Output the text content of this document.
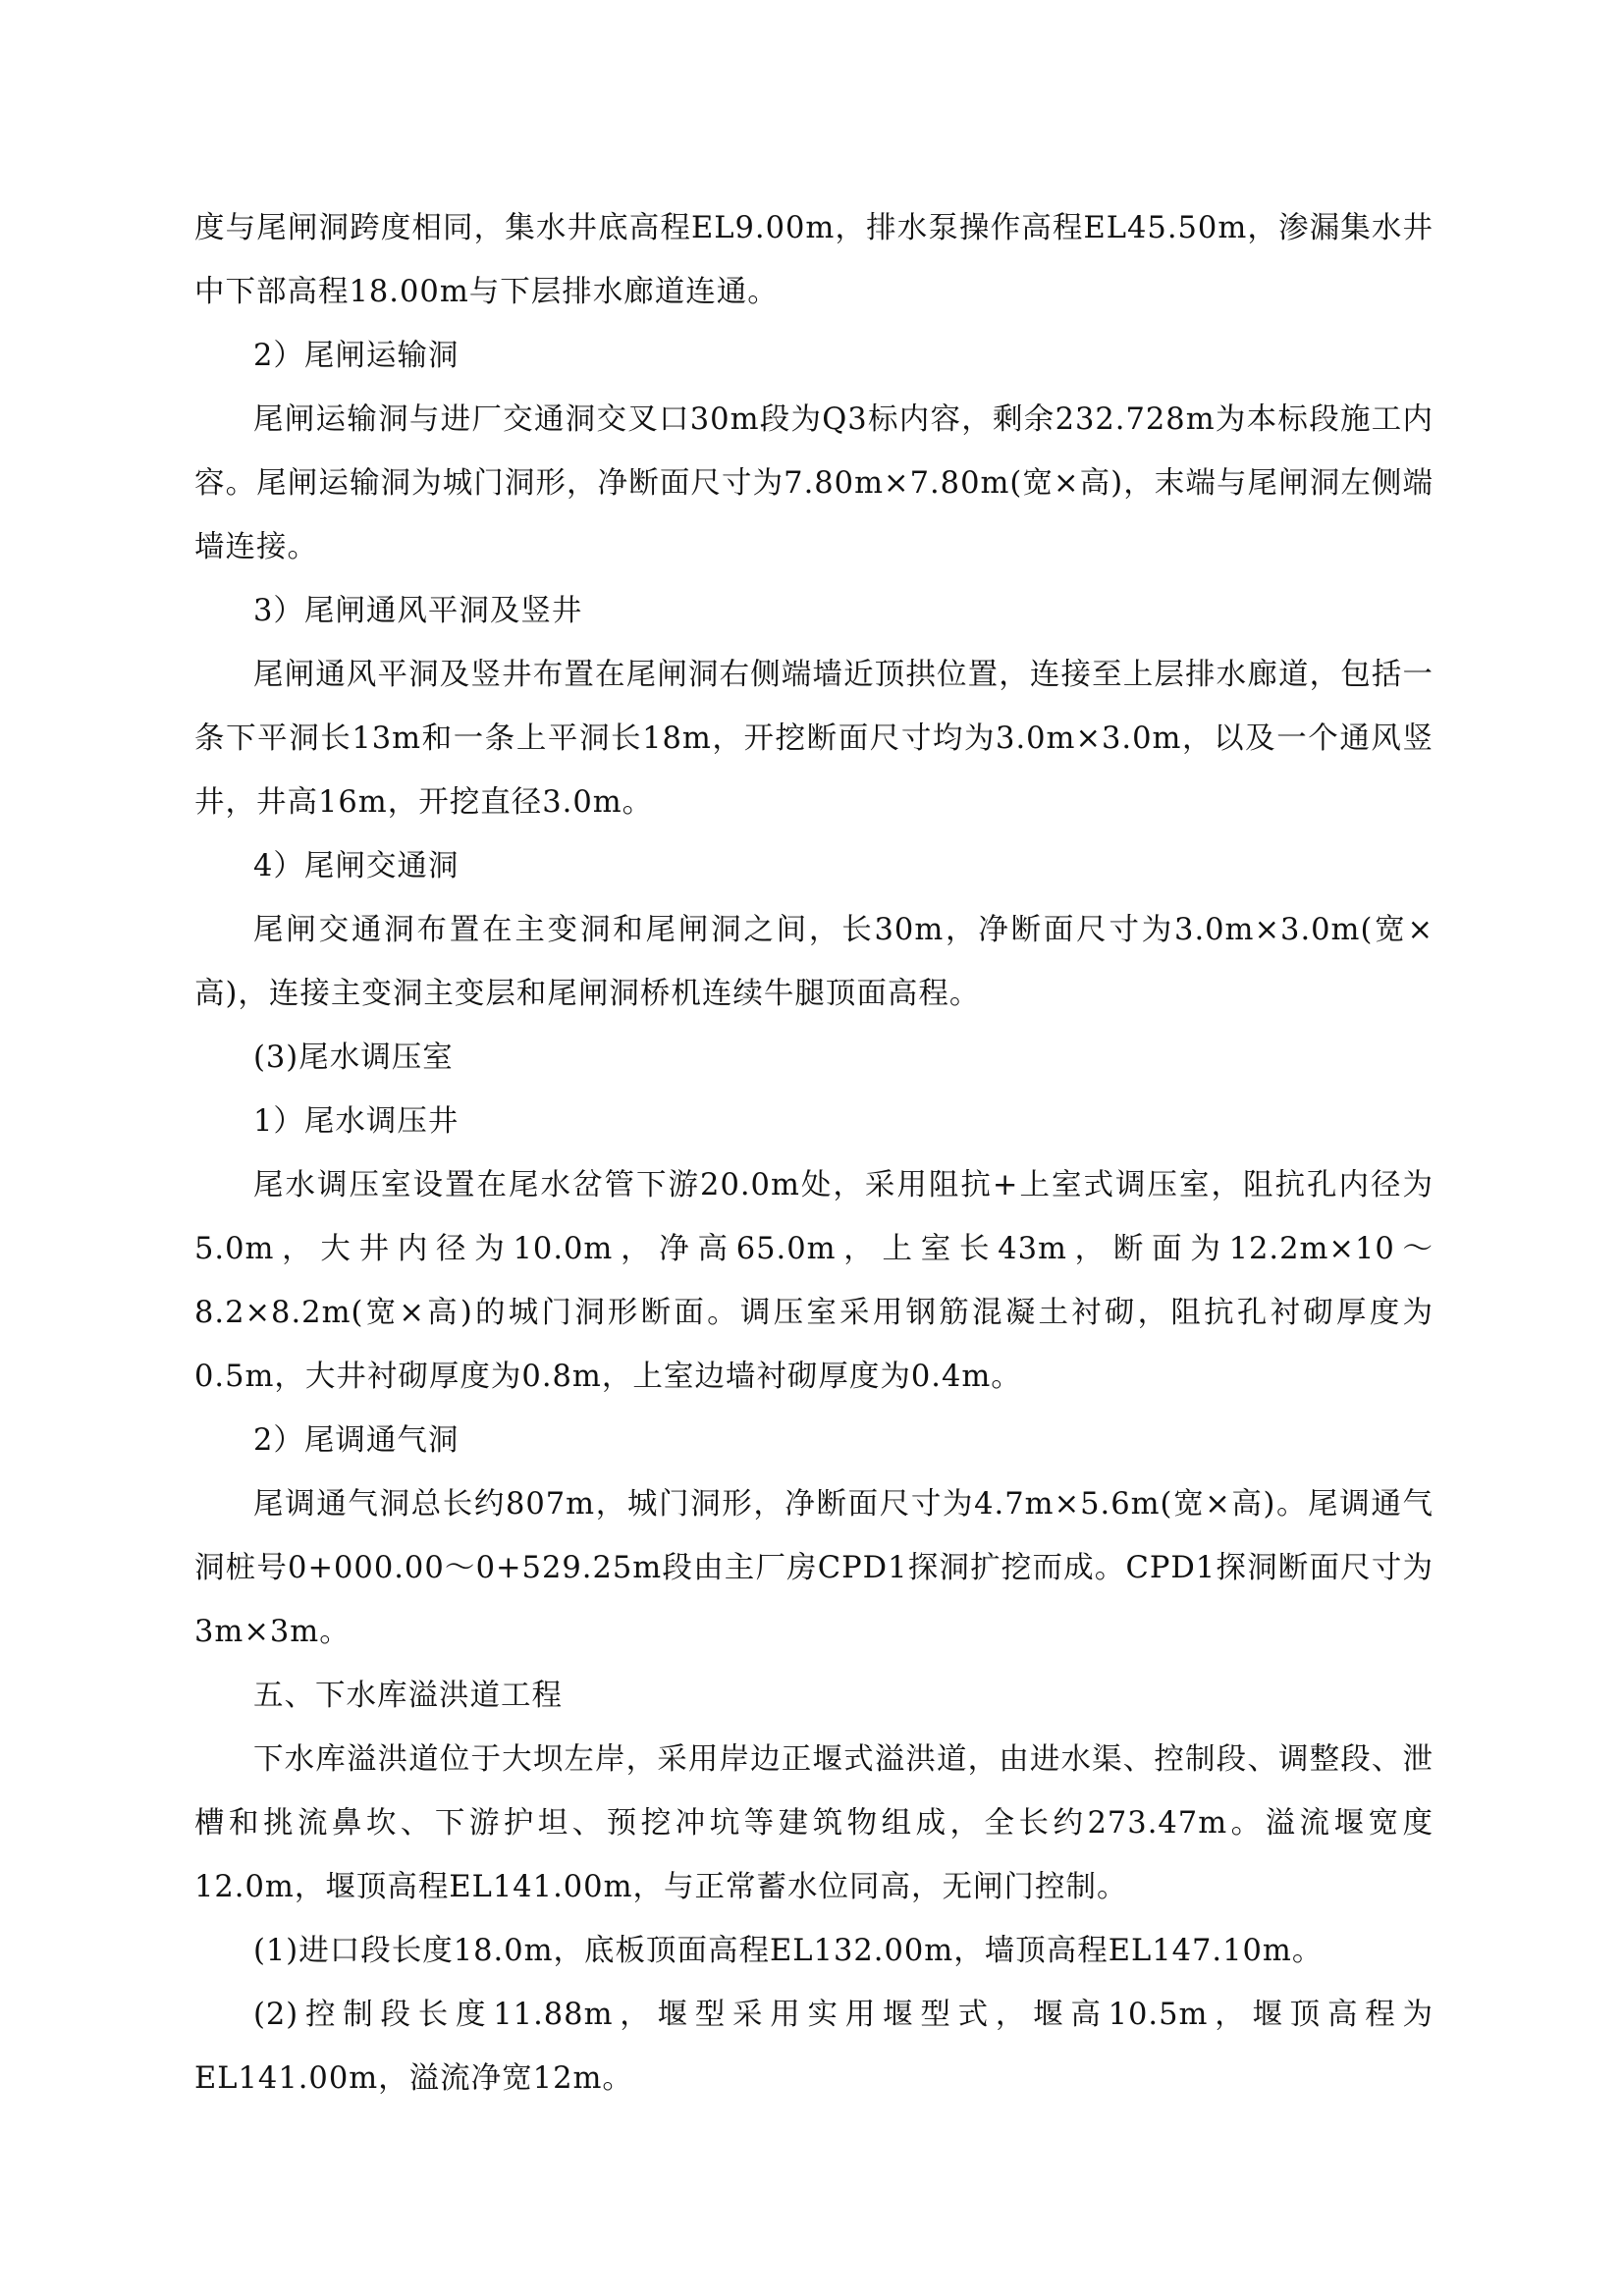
度与尾闸洞跨度相同，集水井底高程EL9.00m，排水泵操作高程EL45.50m，渗漏集水井中下部高程18.00m与下层排水廊道连通。

2）尾闸运输洞

尾闸运输洞与进厂交通洞交叉口30m段为Q3标内容，剩余232.728m为本标段施工内容。尾闸运输洞为城门洞形，净断面尺寸为7.80m×7.80m(宽×高)，末端与尾闸洞左侧端墙连接。

3）尾闸通风平洞及竖井

尾闸通风平洞及竖井布置在尾闸洞右侧端墙近顶拱位置，连接至上层排水廊道，包括一条下平洞长13m和一条上平洞长18m，开挖断面尺寸均为3.0m×3.0m，以及一个通风竖井，井高16m，开挖直径3.0m。

4）尾闸交通洞

尾闸交通洞布置在主变洞和尾闸洞之间，长30m，净断面尺寸为3.0m×3.0m(宽×高)，连接主变洞主变层和尾闸洞桥机连续牛腿顶面高程。

(3)尾水调压室

1）尾水调压井

尾水调压室设置在尾水岔管下游20.0m处，采用阻抗+上室式调压室，阻抗孔内径为5.0m，大井内径为10.0m，净高65.0m，上室长43m，断面为12.2m×10～8.2×8.2m(宽×高)的城门洞形断面。调压室采用钢筋混凝土衬砌，阻抗孔衬砌厚度为0.5m，大井衬砌厚度为0.8m，上室边墙衬砌厚度为0.4m。

2）尾调通气洞

尾调通气洞总长约807m，城门洞形，净断面尺寸为4.7m×5.6m(宽×高)。尾调通气洞桩号0+000.00～0+529.25m段由主厂房CPD1探洞扩挖而成。CPD1探洞断面尺寸为3m×3m。

五、下水库溢洪道工程

下水库溢洪道位于大坝左岸，采用岸边正堰式溢洪道，由进水渠、控制段、调整段、泄槽和挑流鼻坎、下游护坦、预挖冲坑等建筑物组成，全长约273.47m。溢流堰宽度12.0m，堰顶高程EL141.00m，与正常蓄水位同高，无闸门控制。

(1)进口段长度18.0m，底板顶面高程EL132.00m，墙顶高程EL147.10m。

(2)控制段长度11.88m，堰型采用实用堰型式，堰高10.5m，堰顶高程为EL141.00m，溢流净宽12m。
